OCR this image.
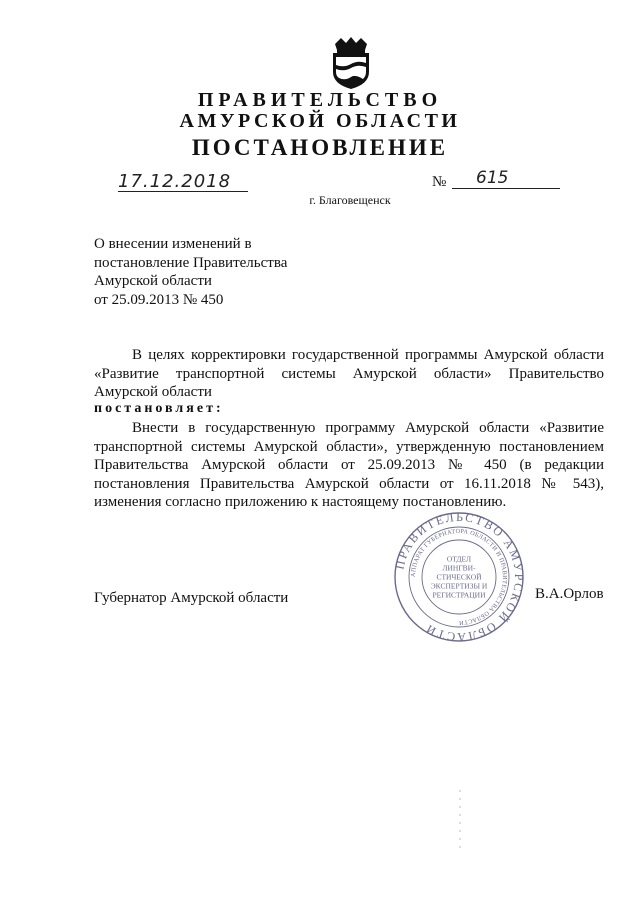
ПРАВИТЕЛЬСТВО
АМУРСКОЙ ОБЛАСТИ
ПОСТАНОВЛЕНИЕ
17.12.2018	№	615
г. Благовещенск
О внесении изменений в
постановление Правительства
Амурской области
от 25.09.2013 № 450
В целях корректировки государственной программы Амурской области «Развитие транспортной системы Амурской области» Правительство Амурской области
постановляет:
Внести в государственную программу Амурской области «Развитие транспортной системы Амурской области», утвержденную постановлением Правительства Амурской области от 25.09.2013 № 450 (в редакции постановления Правительства Амурской области от 16.11.2018 № 543), изменения согласно приложению к настоящему постановлению.
ПРАВИТЕЛЬСТВО АМУРСКОЙ ОБЛАСТИ
АППАРАТ ГУБЕРНАТОРА ОБЛАСТИ И ПРАВИТЕЛЬСТВА ОБЛАСТИ
ОТДЕЛ
ЛИНГВИ-
СТИЧЕСКОЙ
ЭКСПЕРТИЗЫ И
РЕГИСТРАЦИИ
Губернатор Амурской области	В.А.Орлов
